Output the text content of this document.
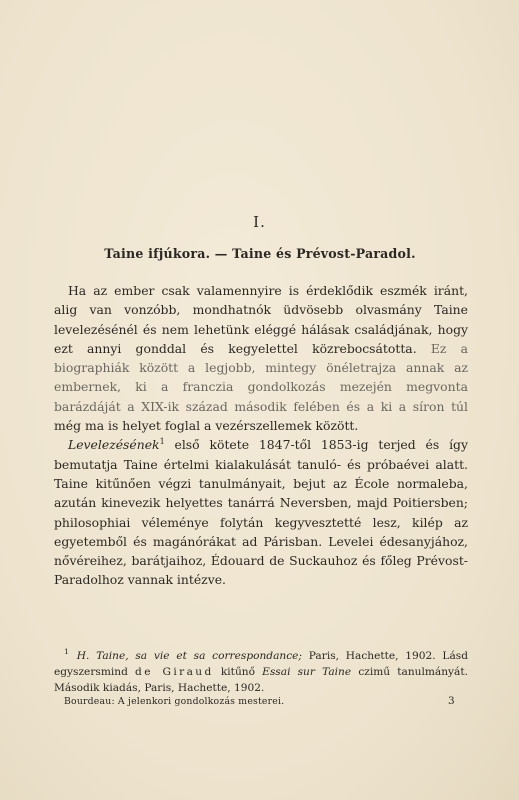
I.
Taine ifjúkora. — Taine és Prévost-Paradol.

Ha az ember csak valamennyire is érdeklődik eszmék iránt, alig van vonzóbb, mondhatnók üdvösebb olvasmány Taine levelezésénél és nem lehetünk eléggé hálásak családjának, hogy ezt annyi gonddal és kegyelettel közrebocsátotta. Ez a biographiák között a legjobb, mintegy önéletrajza annak az embernek, ki a franczia gondolkozás mezején megvonta barázdáját a XIX-ik század második felében és a ki a síron túl még ma is helyet foglal a vezérszellemek között.

Levelezésének$^1$ első kötete 1847-től 1853-ig terjed és így bemutatja Taine értelmi kialakulását tanuló- és próbaévei alatt. Taine kitűnően végzi tanulmányait, bejut az École normaleba, azután kinevezik helyettes tanárrá Neversben, majd Poitiersben; philosophiai véleménye folytán kegyvesztetté lesz, kilép az egyetemből és magánórákat ad Párisban. Levelei édesanyjához, nővéreihez, barátjaihoz, Édouard de Suckauhoz és főleg Prévost-Paradolhoz vannak intézve.

$^1$ H. Taine, sa vie et sa correspondance; Paris, Hachette, 1902. Lásd egyszersmind de Giraud kitűnő Essai sur Taine czimű tanulmányát. Második kiadás, Paris, Hachette, 1902.
Bourdeau: A jelenkori gondolkozás mesterei.	3
